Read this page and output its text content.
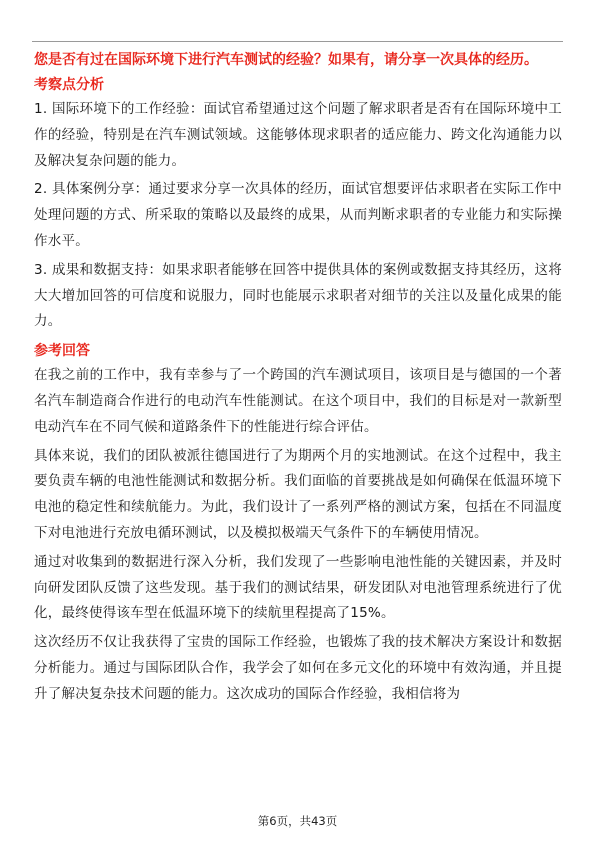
您是否有过在国际环境下进行汽车测试的经验？如果有，请分享一次具体的经历。

考察点分析

1. 国际环境下的工作经验：面试官希望通过这个问题了解求职者是否有在国际环境中工作的经验，特别是在汽车测试领域。这能够体现求职者的适应能力、跨文化沟通能力以及解决复杂问题的能力。

2. 具体案例分享：通过要求分享一次具体的经历，面试官想要评估求职者在实际工作中处理问题的方式、所采取的策略以及最终的成果，从而判断求职者的专业能力和实际操作水平。

3. 成果和数据支持：如果求职者能够在回答中提供具体的案例或数据支持其经历，这将大大增加回答的可信度和说服力，同时也能展示求职者对细节的关注以及量化成果的能力。

参考回答

在我之前的工作中，我有幸参与了一个跨国的汽车测试项目，该项目是与德国的一个著名汽车制造商合作进行的电动汽车性能测试。在这个项目中，我们的目标是对一款新型电动汽车在不同气候和道路条件下的性能进行综合评估。

具体来说，我们的团队被派往德国进行了为期两个月的实地测试。在这个过程中，我主要负责车辆的电池性能测试和数据分析。我们面临的首要挑战是如何确保在低温环境下电池的稳定性和续航能力。为此，我们设计了一系列严格的测试方案，包括在不同温度下对电池进行充放电循环测试，以及模拟极端天气条件下的车辆使用情况。

通过对收集到的数据进行深入分析，我们发现了一些影响电池性能的关键因素，并及时向研发团队反馈了这些发现。基于我们的测试结果，研发团队对电池管理系统进行了优化，最终使得该车型在低温环境下的续航里程提高了15%。

这次经历不仅让我获得了宝贵的国际工作经验，也锻炼了我的技术解决方案设计和数据分析能力。通过与国际团队合作，我学会了如何在多元文化的环境中有效沟通，并且提升了解决复杂技术问题的能力。这次成功的国际合作经验，我相信将为

第6页，共43页
